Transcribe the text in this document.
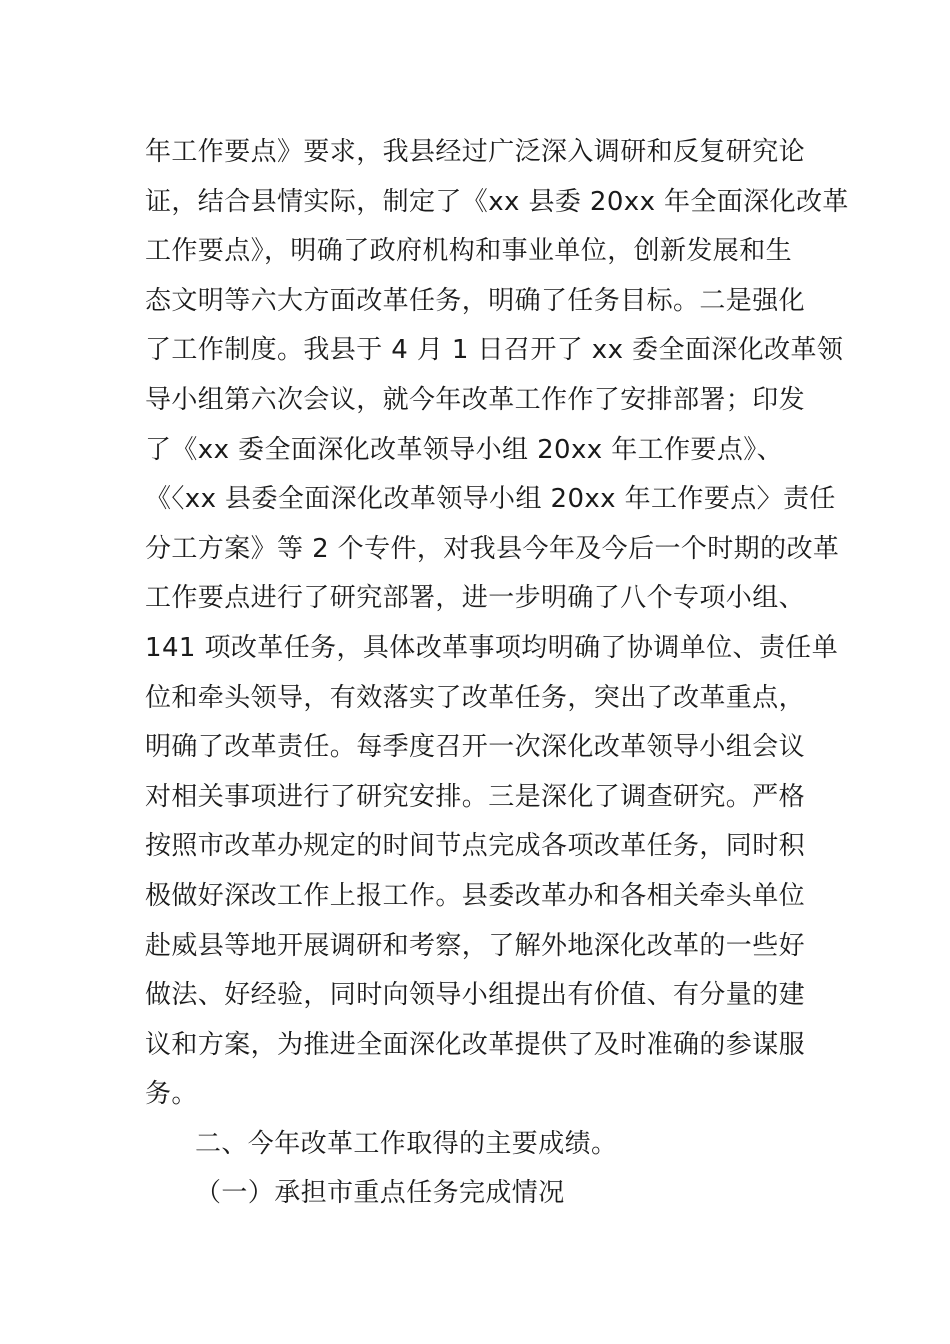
年工作要点》要求，我县经过广泛深入调研和反复研究论
证，结合县情实际，制定了《xx 县委 20xx 年全面深化改革
工作要点》，明确了政府机构和事业单位，创新发展和生
态文明等六大方面改革任务，明确了任务目标。二是强化
了工作制度。我县于 4 月 1 日召开了 xx 委全面深化改革领
导小组第六次会议，就今年改革工作作了安排部署；印发
了《xx 委全面深化改革领导小组 20xx 年工作要点》、
《〈xx 县委全面深化改革领导小组 20xx 年工作要点〉责任
分工方案》等 2 个专件，对我县今年及今后一个时期的改革
工作要点进行了研究部署，进一步明确了八个专项小组、
141 项改革任务，具体改革事项均明确了协调单位、责任单
位和牵头领导，有效落实了改革任务，突出了改革重点，
明确了改革责任。每季度召开一次深化改革领导小组会议
对相关事项进行了研究安排。三是深化了调查研究。严格
按照市改革办规定的时间节点完成各项改革任务，同时积
极做好深改工作上报工作。县委改革办和各相关牵头单位
赴威县等地开展调研和考察，了解外地深化改革的一些好
做法、好经验，同时向领导小组提出有价值、有分量的建
议和方案，为推进全面深化改革提供了及时准确的参谋服
务。
二、今年改革工作取得的主要成绩。
（一）承担市重点任务完成情况
